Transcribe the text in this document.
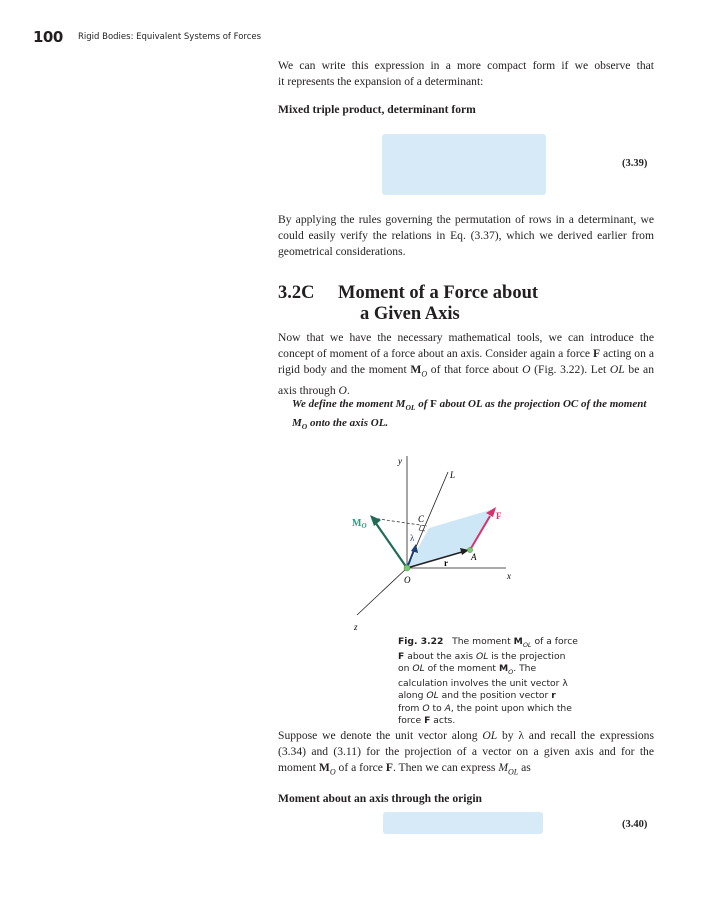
100 Rigid Bodies: Equivalent Systems of Forces
We can write this expression in a more compact form if we observe that
it represents the expansion of a determinant:
Mixed triple product, determinant form
(3.39)
By applying the rules governing the permutation of rows in a determinant, we could easily verify the relations in Eq. (3.37), which we derived earlier from geometrical considerations.
3.2C Moment of a Force about
a Given Axis
Now that we have the necessary mathematical tools, we can introduce the concept of moment of a force about an axis. Consider again a force F acting on a rigid body and the moment $M_O$ of that force about O (Fig. 3.22). Let OL be an axis through O.
We define the moment $M_{OL}$ of F about OL as the projection OC of the moment $M_O$ onto the axis OL.
y
L
C	F
$M_O$
λ
A
r
O	x
z
Fig. 3.22 The moment $M_{OL}$ of a force F about the axis OL is the projection on OL of the moment $M_O$. The calculation involves the unit vector λ along OL and the position vector r from O to A, the point upon which the force F acts.
Suppose we denote the unit vector along OL by λ and recall the expressions (3.34) and (3.11) for the projection of a vector on a given axis and for the moment $M_O$ of a force F. Then we can express $M_{OL}$ as
Moment about an axis through the origin
(3.40)
